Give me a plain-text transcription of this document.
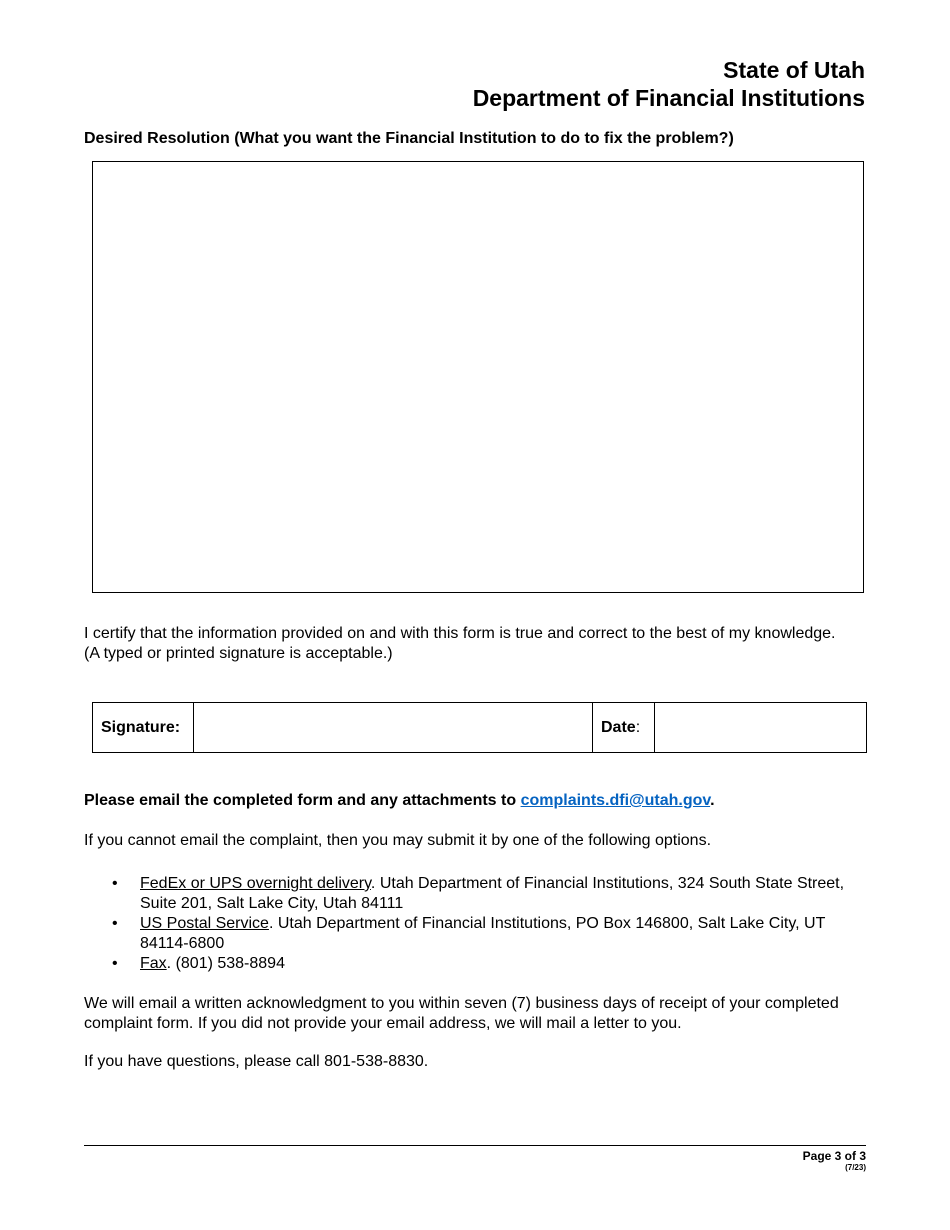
State of Utah
Department of Financial Institutions
Desired Resolution (What you want the Financial Institution to do to fix the problem?)
I certify that the information provided on and with this form is true and correct to the best of my knowledge. (A typed or printed signature is acceptable.)
Signature:		Date:	
Please email the completed form and any attachments to complaints.dfi@utah.gov.
If you cannot email the complaint, then you may submit it by one of the following options.
• FedEx or UPS overnight delivery. Utah Department of Financial Institutions, 324 South State Street, Suite 201, Salt Lake City, Utah 84111
• US Postal Service. Utah Department of Financial Institutions, PO Box 146800, Salt Lake City, UT 84114-6800
• Fax. (801) 538-8894
We will email a written acknowledgment to you within seven (7) business days of receipt of your completed complaint form. If you did not provide your email address, we will mail a letter to you.
If you have questions, please call 801-538-8830.
Page 3 of 3
(7/23)
